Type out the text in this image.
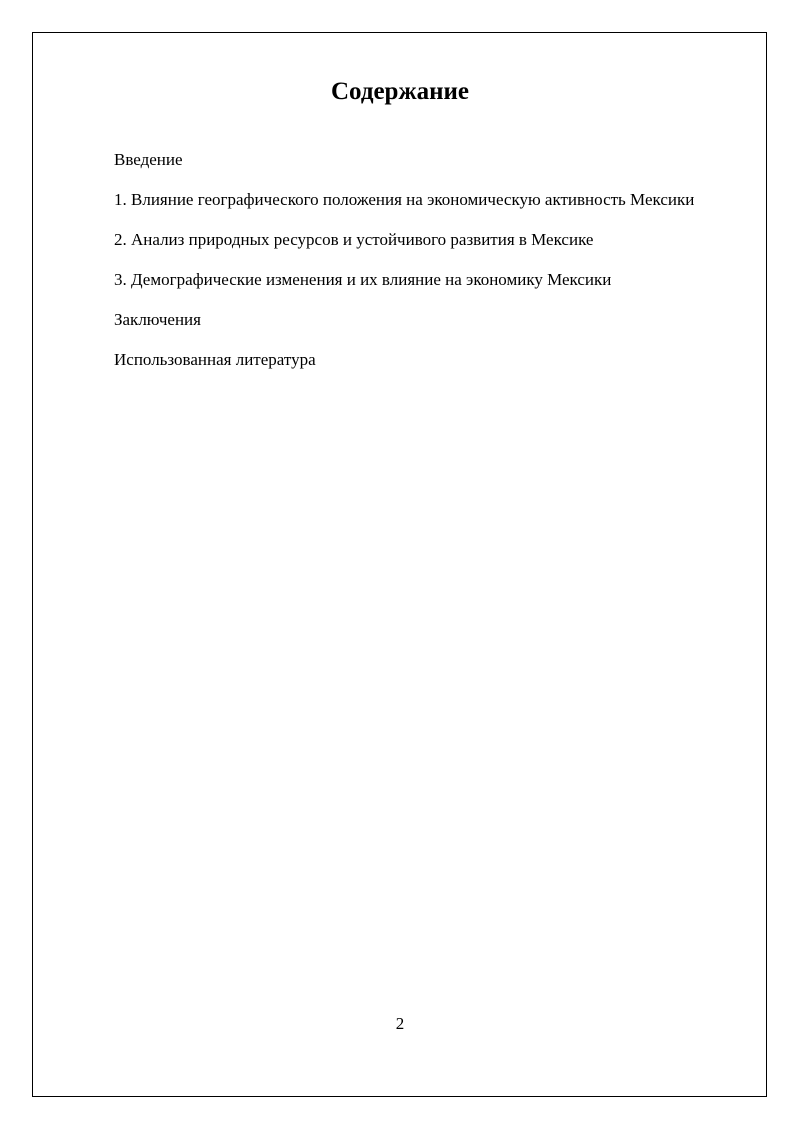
Содержание
Введение
1. Влияние географического положения на экономическую активность Мексики
2. Анализ природных ресурсов и устойчивого развития в Мексике
3. Демографические изменения и их влияние на экономику Мексики
Заключения
Использованная литература
2
